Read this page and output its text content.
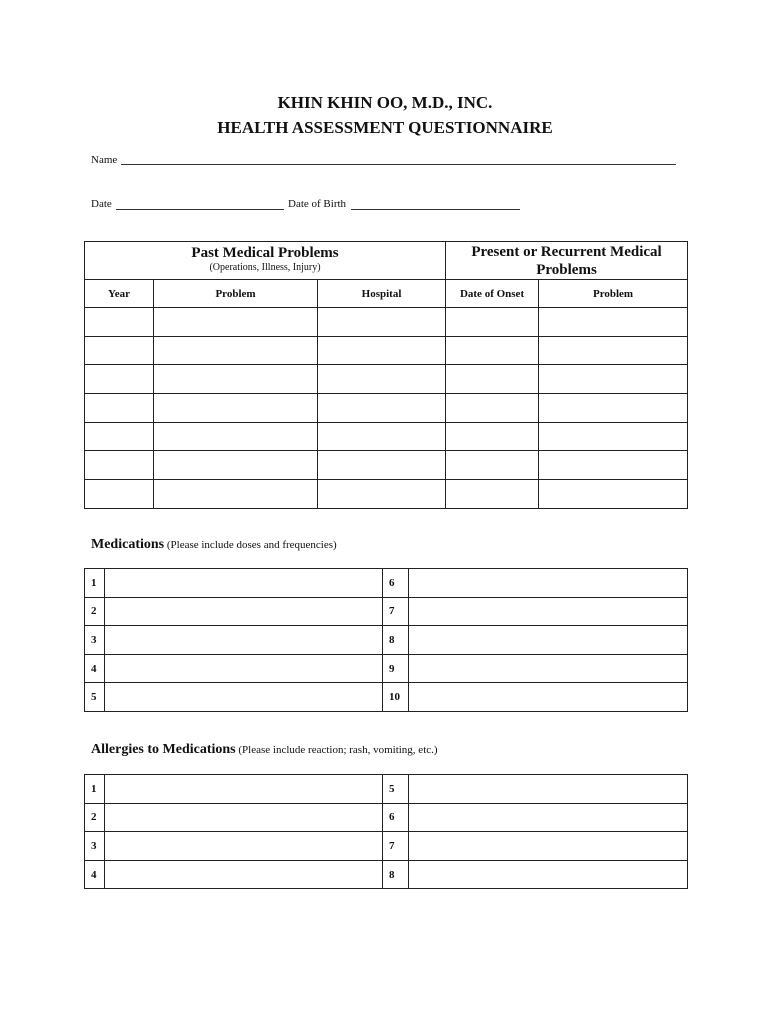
KHIN KHIN OO, M.D., INC.
HEALTH ASSESSMENT QUESTIONNAIRE
Name
Date	Date of Birth
Past Medical Problems
(Operations, Illness, Injury)			Present or Recurrent Medical Problems	

Year	Problem	Hospital	Date of Onset	Problem

Medications (Please include doses and frequencies)
1		6	
2		7	
3		8	
4		9	
5		10	
Allergies to Medications (Please include reaction; rash, vomiting, etc.)
1		5	
2		6	
3		7	
4		8	
